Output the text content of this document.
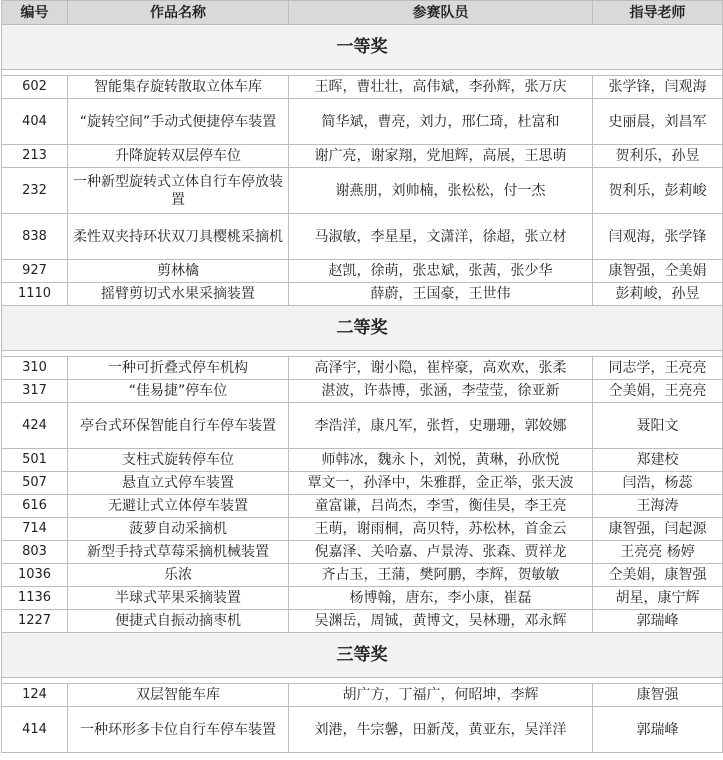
编号	作品名称	参赛队员	指导老师
一等奖			

602	智能集存旋转散取立体车库	王晖，曹壮壮，高伟斌，李孙辉，张万庆	张学锋，闫观海
404	“旋转空间”手动式便捷停车装置	简华斌，曹亮，刘力，邢仁琦，杜富和	史丽晨，刘昌军
213	升降旋转双层停车位	谢广亮，谢家翔，党旭辉，高展，王思萌	贺利乐，孙昱
232	一种新型旋转式立体自行车停放装置	谢燕朋，刘帅楠，张松松，付一杰	贺利乐，彭莉峻
838	柔性双夹持环状双刀具樱桃采摘机	马淑敏，李星星，文潇洋，徐超，张立材	闫观海，张学锋
927	剪林檎	赵凯，徐萌，张忠斌，张茜，张少华	康智强，仝美娟
1110	摇臂剪切式水果采摘装置	薛蔚，王国豪，王世伟	彭莉峻，孙昱
二等奖			

310	一种可折叠式停车机构	高泽宇，谢小隐，崔梓豪，高欢欢，张柔	同志学，王亮亮
317	“佳易捷”停车位	湛波，许恭博，张涵，李莹莹，徐亚新	仝美娟，王亮亮
424	亭台式环保智能自行车停车装置	李浩洋，康凡军，张哲，史珊珊，郭姣娜	聂阳文
501	支柱式旋转停车位	师韩冰，魏永卜，刘悦，黄琳，孙欣悦	郑建校
507	悬直立式停车装置	覃文一，孙泽中，朱雅群，金正举，张天波	闫浩，杨蕊
616	无避让式立体停车装置	童富谦，吕尚杰，李雪，衡佳昊，李王亮	王海涛
714	菠萝自动采摘机	王萌，谢雨桐，高贝特，苏松林，首金云	康智强，闫起源
803	新型手持式草莓采摘机械装置	倪嘉泽、关哈嘉、卢景涛、张森、贾祥龙	王亮亮 杨婷
1036	乐浓	齐占玉，王蒲，樊阿鹏，李辉，贺敏敏	仝美娟，康智强
1136	半球式苹果采摘装置	杨博翰，唐东，李小康，崔磊	胡星，康宁辉
1227	便捷式自振动摘枣机	吴渊岳，周铖，黄博文，吴林珊，邓永辉	郭瑞峰
三等奖			

124	双层智能车库	胡广方，丁福广，何昭坤，李辉	康智强
414	一种环形多卡位自行车停车装置	刘港，牛宗馨，田新茂，黄亚东，吴洋洋	郭瑞峰
